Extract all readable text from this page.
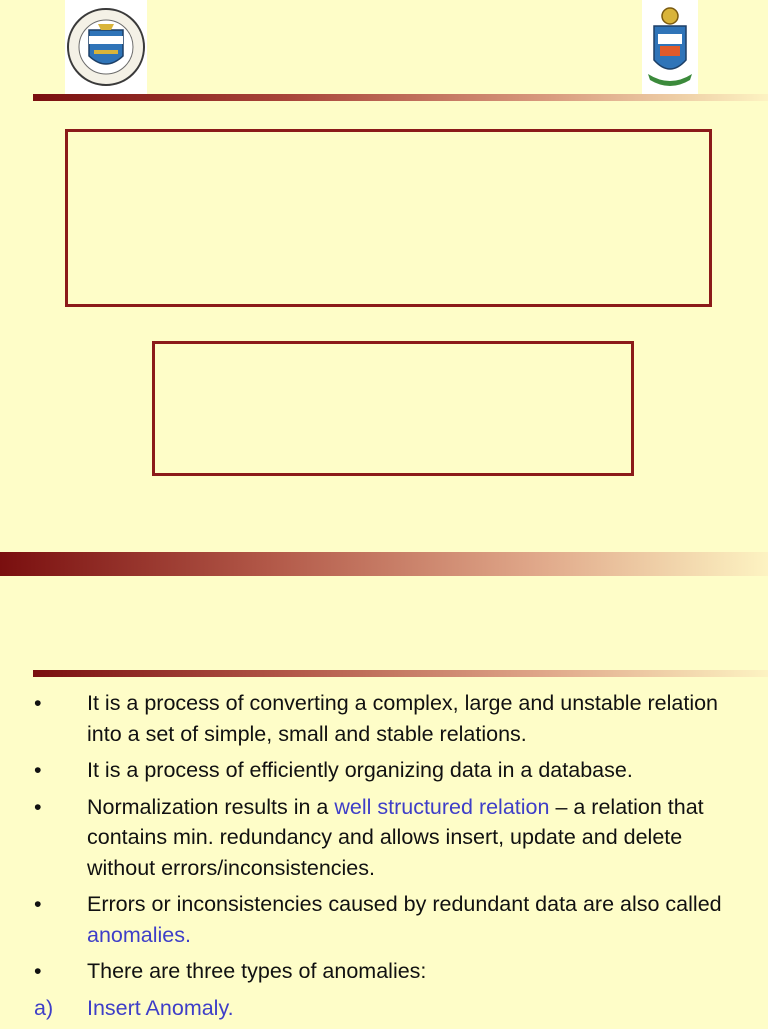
• It is a process of converting a complex, large and unstable relation into a set of simple, small and stable relations.
• It is a process of efficiently organizing data in a database.
• Normalization results in a well structured relation – a relation that contains min. redundancy and allows insert, update and delete without errors/inconsistencies.
• Errors or inconsistencies caused by redundant data are also called anomalies.
• There are three types of anomalies:
a) Insert Anomaly.
